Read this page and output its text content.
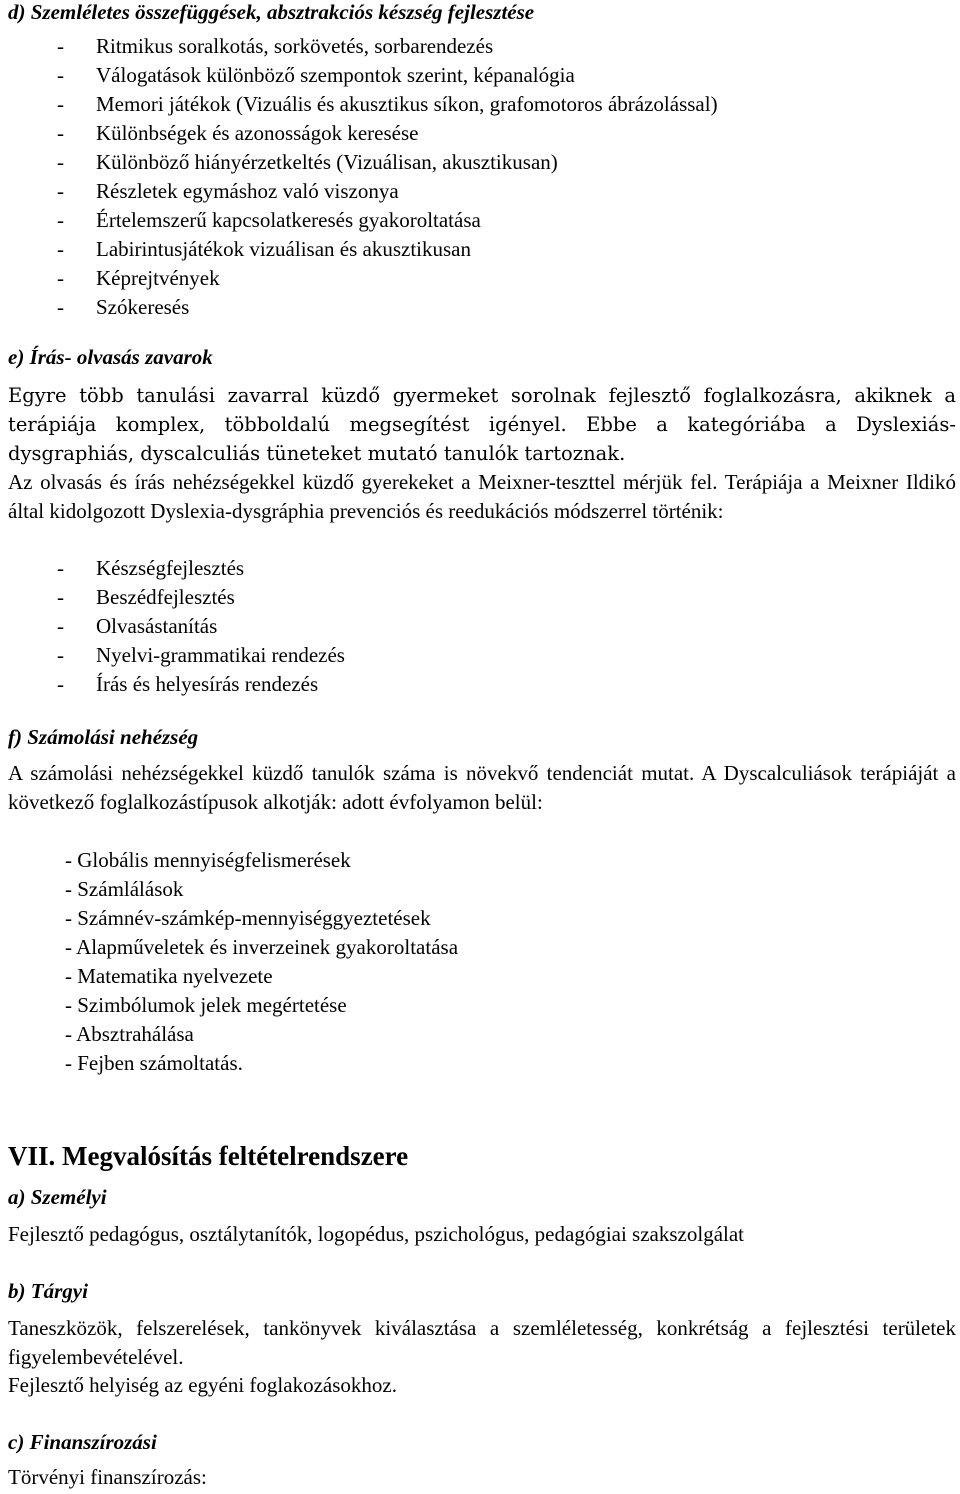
d) Szemléletes összefüggések, absztrakciós készség fejlesztése
- Ritmikus soralkotás, sorkövetés, sorbarendezés
- Válogatások különböző szempontok szerint, képanalógia
- Memori játékok (Vizuális és akusztikus síkon, grafomotoros ábrázolással)
- Különbségek és azonosságok keresése
- Különböző hiányérzetkeltés (Vizuálisan, akusztikusan)
- Részletek egymáshoz való viszonya
- Értelemszerű kapcsolatkeresés gyakoroltatása
- Labirintusjátékok vizuálisan és akusztikusan
- Képrejtvények
- Szókeresés
e) Írás- olvasás zavarok

Egyre több tanulási zavarral küzdő gyermeket sorolnak fejlesztő foglalkozásra, akiknek a terápiája komplex, többoldalú megsegítést igényel. Ebbe a kategóriába a Dyslexiás-dysgraphiás, dyscalculiás tüneteket mutató tanulók tartoznak.

Az olvasás és írás nehézségekkel küzdő gyerekeket a Meixner-teszttel mérjük fel. Terápiája a Meixner Ildikó által kidolgozott Dyslexia-dysgráphia prevenciós és reedukációs módszerrel történik:

- Készségfejlesztés
- Beszédfejlesztés
- Olvasástanítás
- Nyelvi-grammatikai rendezés
- Írás és helyesírás rendezés
f) Számolási nehézség

A számolási nehézségekkel küzdő tanulók száma is növekvő tendenciát mutat. A Dyscalculiások terápiáját a következő foglalkozástípusok alkotják: adott évfolyamon belül:

- Globális mennyiségfelismerések
- Számlálások
- Számnév-számkép-mennyiséggyeztetések
- Alapműveletek és inverzeinek gyakoroltatása
- Matematika nyelvezete
- Szimbólumok jelek megértetése
- Absztrahálása
- Fejben számoltatás.
VII. Megvalósítás feltételrendszere
a) Személyi
Fejlesztő pedagógus, osztálytanítók, logopédus, pszichológus, pedagógiai szakszolgálat
b) Tárgyi

Taneszközök, felszerelések, tankönyvek kiválasztása a szemléletesség, konkrétság a fejlesztési területek figyelembevételével.

Fejlesztő helyiség az egyéni foglakozásokhoz.
c) Finanszírozási
Törvényi finanszírozás:
